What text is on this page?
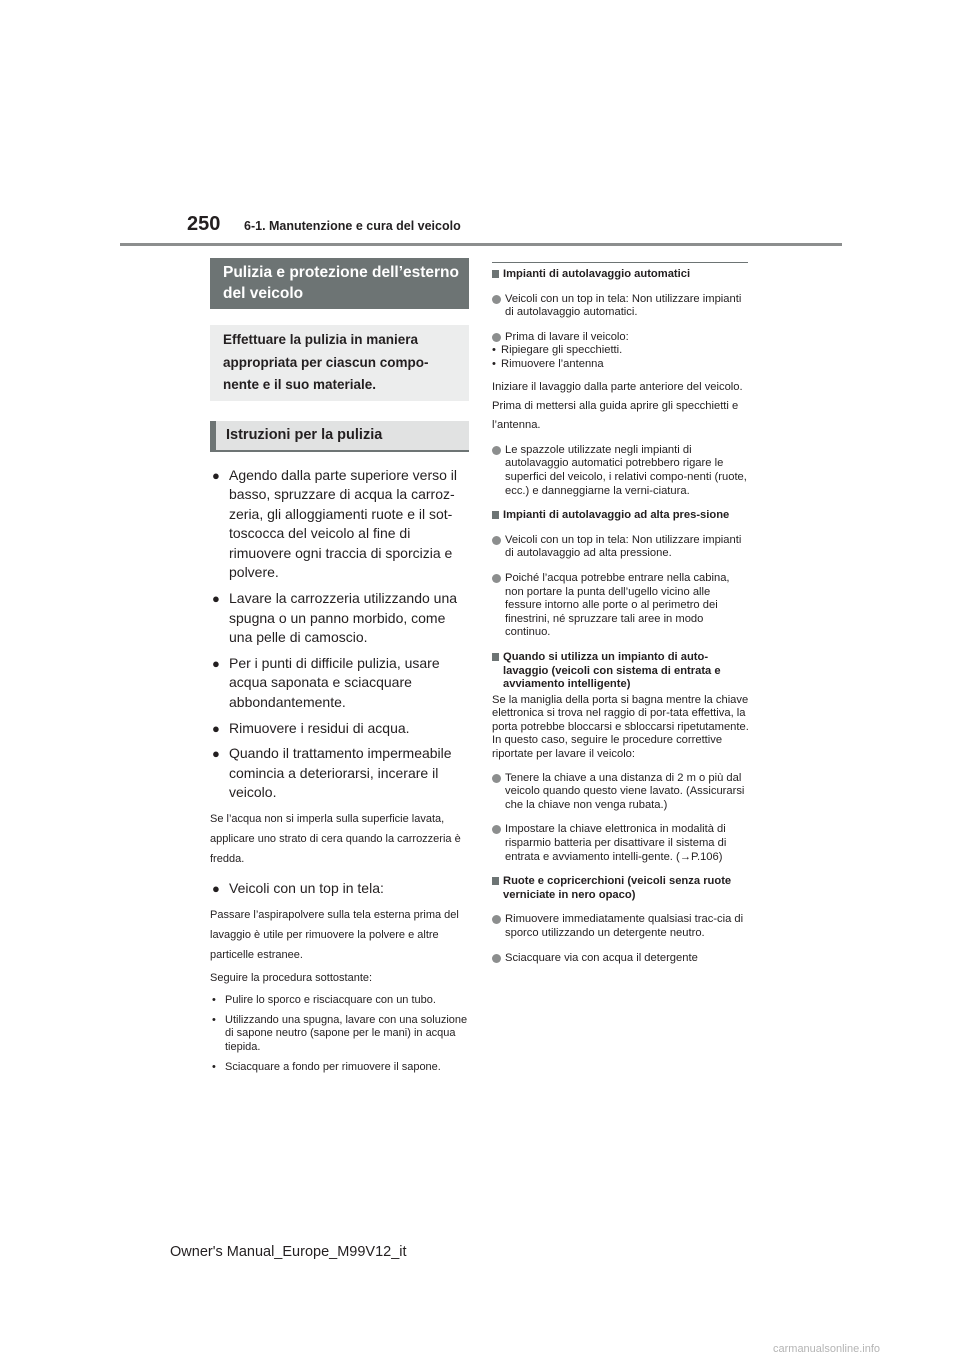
250 6-1. Manutenzione e cura del veicolo
Pulizia e protezione dell’esterno del veicolo
Effettuare la pulizia in maniera appropriata per ciascun compo-nente e il suo materiale.
Istruzioni per la pulizia
● Agendo dalla parte superiore verso il basso, spruzzare di acqua la carroz-zeria, gli alloggiamenti ruote e il sot-toscocca del veicolo al fine di rimuovere ogni traccia di sporcizia e polvere.
● Lavare la carrozzeria utilizzando una spugna o un panno morbido, come una pelle di camoscio.
● Per i punti di difficile pulizia, usare acqua saponata e sciacquare abbondantemente.
● Rimuovere i residui di acqua.
● Quando il trattamento impermeabile comincia a deteriorarsi, incerare il veicolo.
Se l’acqua non si imperla sulla superficie lavata, applicare uno strato di cera quando la carrozzeria è fredda.
● Veicoli con un top in tela:
Passare l’aspirapolvere sulla tela esterna prima del lavaggio è utile per rimuovere la polvere e altre particelle estranee.
Seguire la procedura sottostante:
• Pulire lo sporco e risciacquare con un tubo.
• Utilizzando una spugna, lavare con una soluzione di sapone neutro (sapone per le mani) in acqua tiepida.
• Sciacquare a fondo per rimuovere il sapone.
Impianti di autolavaggio automatici
Veicoli con un top in tela: Non utilizzare impianti di autolavaggio automatici.
Prima di lavare il veicolo:
• Ripiegare gli specchietti.
• Rimuovere l’antenna
Iniziare il lavaggio dalla parte anteriore del veicolo. Prima di mettersi alla guida aprire gli specchietti e l’antenna.
Le spazzole utilizzate negli impianti di autolavaggio automatici potrebbero rigare le superfici del veicolo, i relativi compo-nenti (ruote, ecc.) e danneggiarne la verni-ciatura.
Impianti di autolavaggio ad alta pres-sione
Veicoli con un top in tela: Non utilizzare impianti di autolavaggio ad alta pressione.
Poiché l’acqua potrebbe entrare nella cabina, non portare la punta dell’ugello vicino alle fessure intorno alle porte o al perimetro dei finestrini, né spruzzare tali aree in modo continuo.
Quando si utilizza un impianto di auto-lavaggio (veicoli con sistema di entrata e avviamento intelligente)
Se la maniglia della porta si bagna mentre la chiave elettronica si trova nel raggio di por-tata effettiva, la porta potrebbe bloccarsi e sbloccarsi ripetutamente. In questo caso, seguire le procedure correttive riportate per lavare il veicolo:
Tenere la chiave a una distanza di 2 m o più dal veicolo quando questo viene lavato. (Assicurarsi che la chiave non venga rubata.)
Impostare la chiave elettronica in modalità di risparmio batteria per disattivare il sistema di entrata e avviamento intelli-gente. (→P.106)
Ruote e copricerchioni (veicoli senza ruote verniciate in nero opaco)
Rimuovere immediatamente qualsiasi trac-cia di sporco utilizzando un detergente neutro.
Sciacquare via con acqua il detergente
Owner's Manual_Europe_M99V12_it
carmanualsonline.info
